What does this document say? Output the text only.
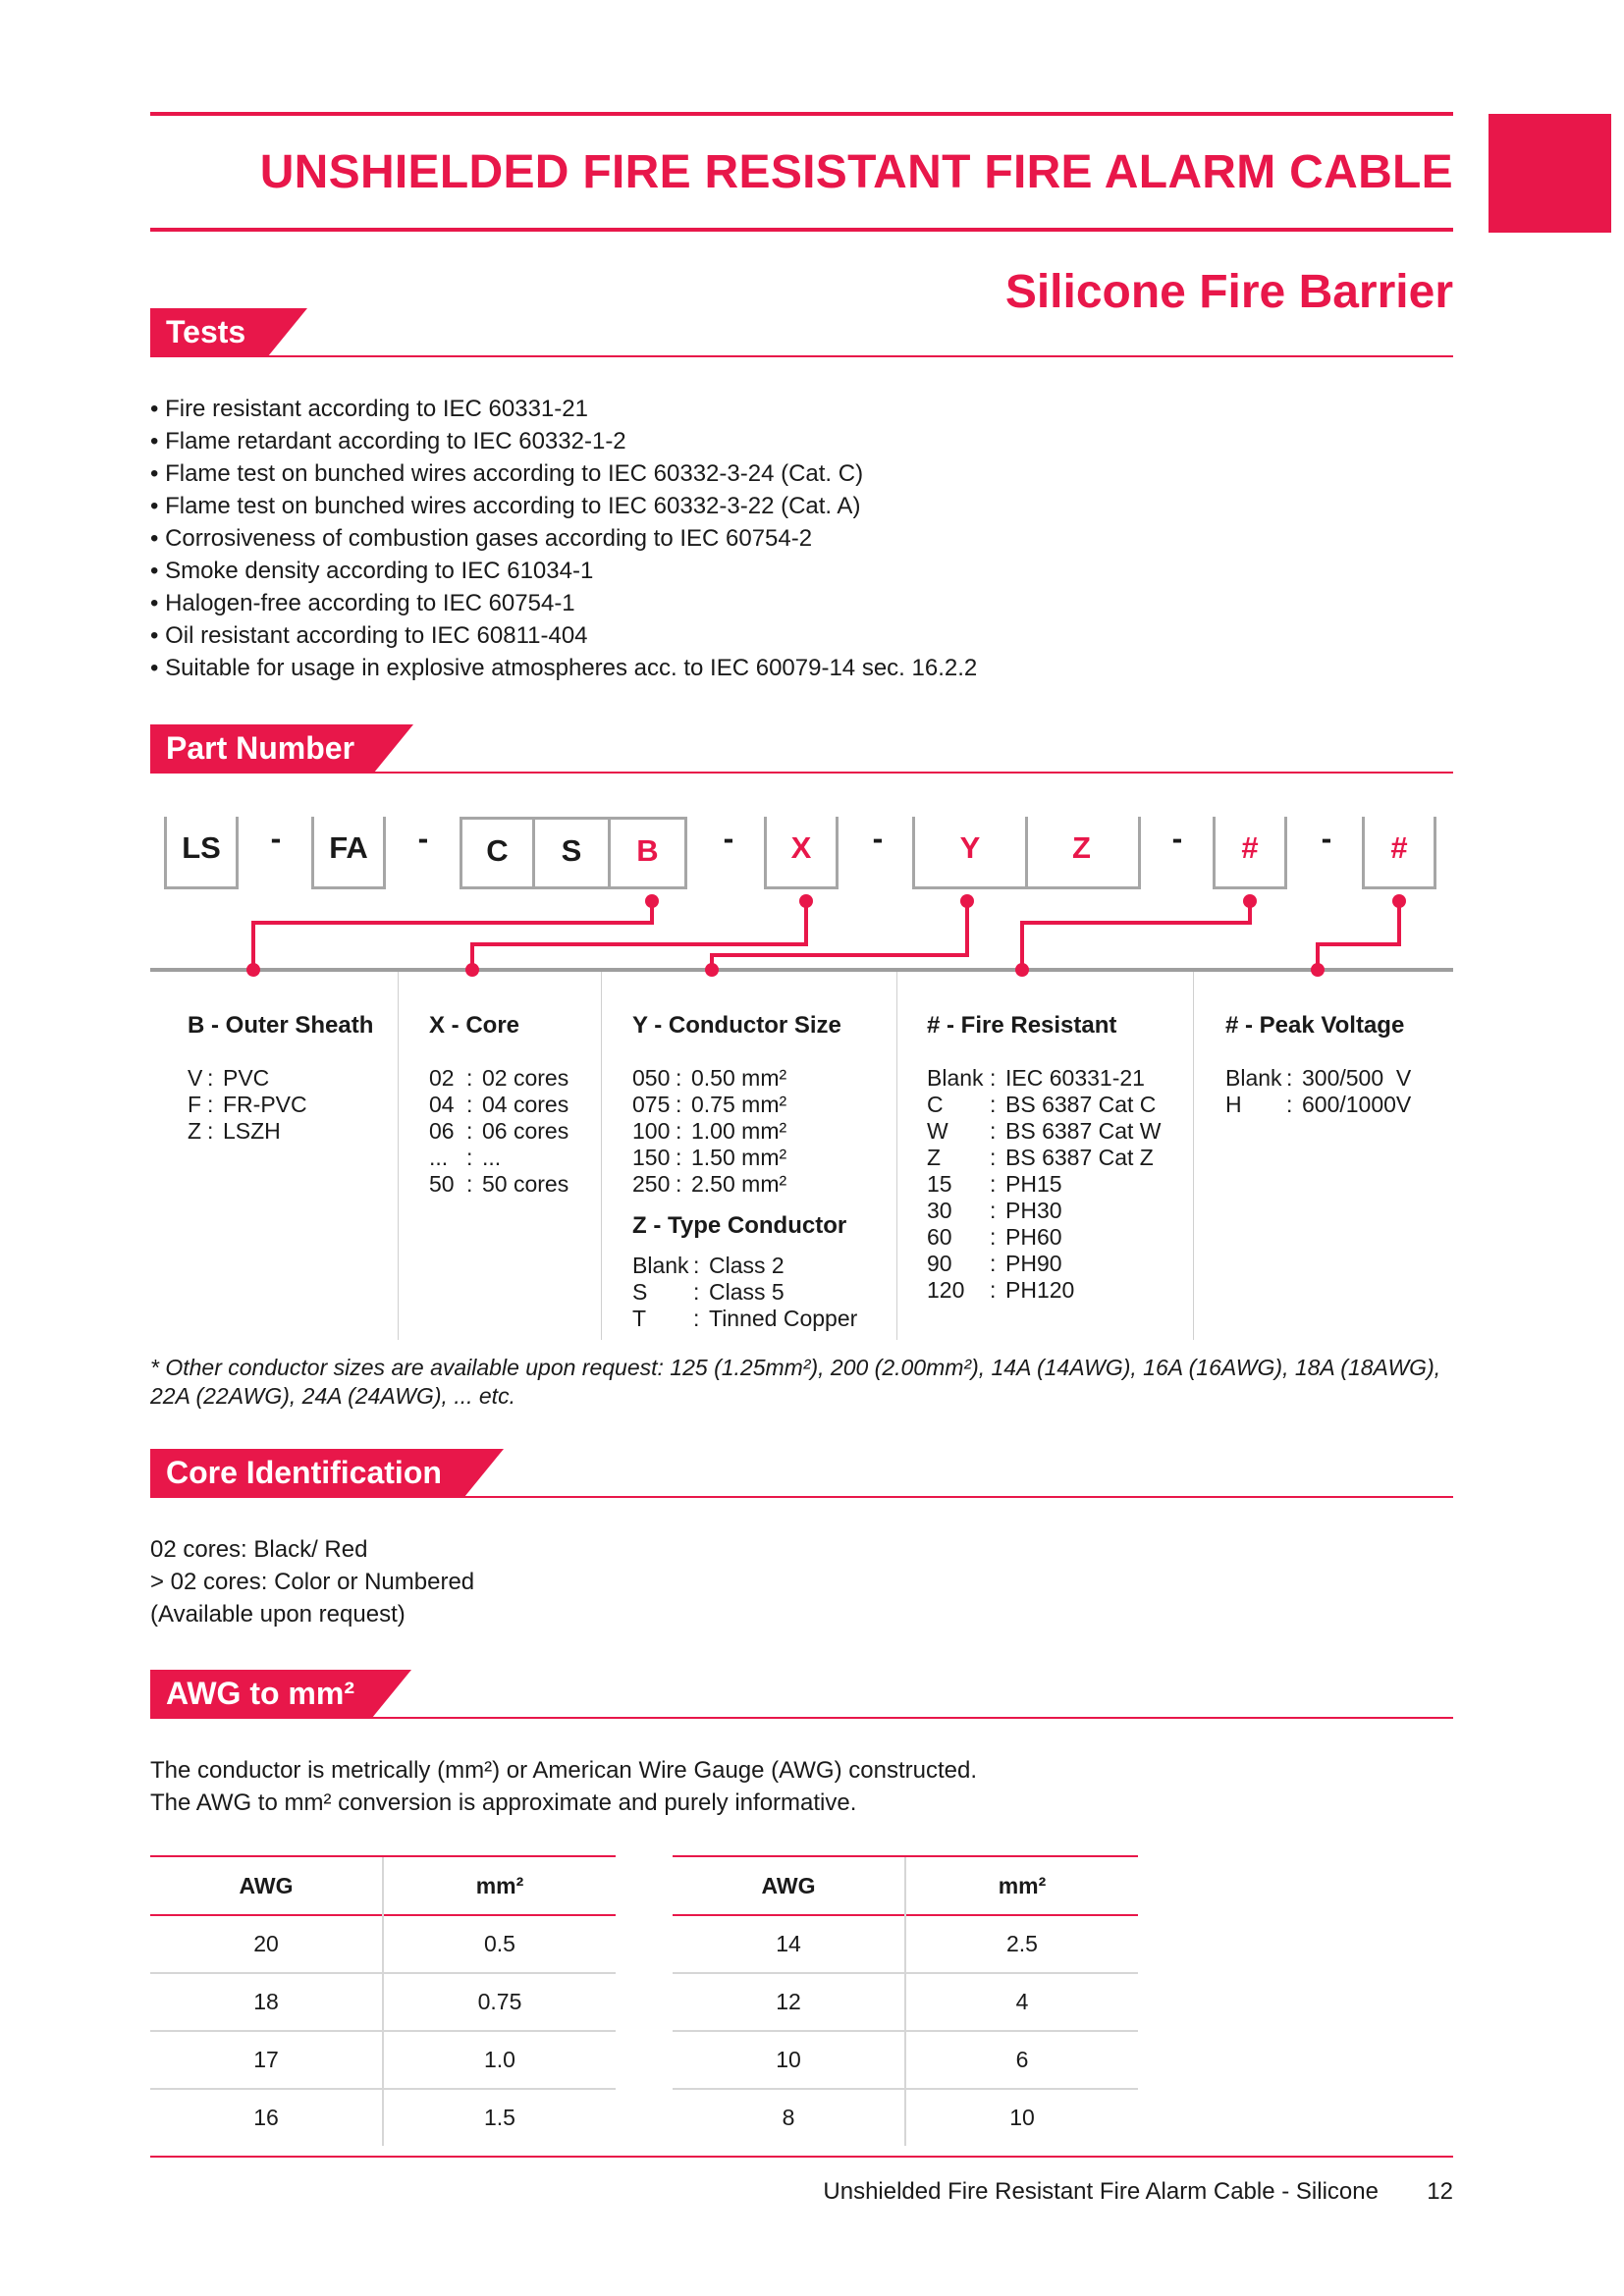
UNSHIELDED FIRE RESISTANT FIRE ALARM CABLE
Silicone Fire Barrier
Tests
• Fire resistant according to IEC 60331-21
• Flame retardant according to IEC 60332-1-2
• Flame test on bunched wires according to IEC 60332-3-24 (Cat. C)
• Flame test on bunched wires according to IEC 60332-3-22 (Cat. A)
• Corrosiveness of combustion gases according to IEC 60754-2
• Smoke density according to IEC 61034-1
• Halogen-free according to IEC 60754-1
• Oil resistant according to IEC 60811-404
• Suitable for usage in explosive atmospheres acc. to IEC 60079-14 sec. 16.2.2
Part Number
LS	-	FA	-	C	S	B	-	X	-	Y	Z	-	#	-	#
B - Outer Sheath
V : PVC
F : FR-PVC
Z : LSZH
X - Core
02 : 02 cores
04 : 04 cores
06 : 06 cores
... : ...
50 : 50 cores
Y - Conductor Size
050 : 0.50 mm²
075 : 0.75 mm²
100 : 1.00 mm²
150 : 1.50 mm²
250 : 2.50 mm²
Z - Type Conductor
Blank : Class 2
S	: Class 5
T	: Tinned Copper
# - Fire Resistant
Blank : IEC 60331-21
C	: BS 6387 Cat C
W	: BS 6387 Cat W
Z	: BS 6387 Cat Z
15	: PH15
30	: PH30
60	: PH60
90	: PH90
120	: PH120
# - Peak Voltage
Blank : 300/500  V
H	: 600/1000V
* Other conductor sizes are available upon request: 125 (1.25mm²), 200 (2.00mm²), 14A (14AWG), 16A (16AWG), 18A (18AWG), 22A (22AWG), 24A (24AWG), ... etc.
Core Identification
02 cores: Black/ Red
> 02 cores: Color or Numbered
(Available upon request)
AWG to mm²
The conductor is metrically (mm²) or American Wire Gauge (AWG) constructed.
The AWG to mm² conversion is approximate and purely informative.
AWG	mm²
20	0.5
18	0.75
17	1.0
16	1.5
AWG	mm²
14	2.5
12	4
10	6
8	10
Unshielded Fire Resistant Fire Alarm Cable - Silicone 12
